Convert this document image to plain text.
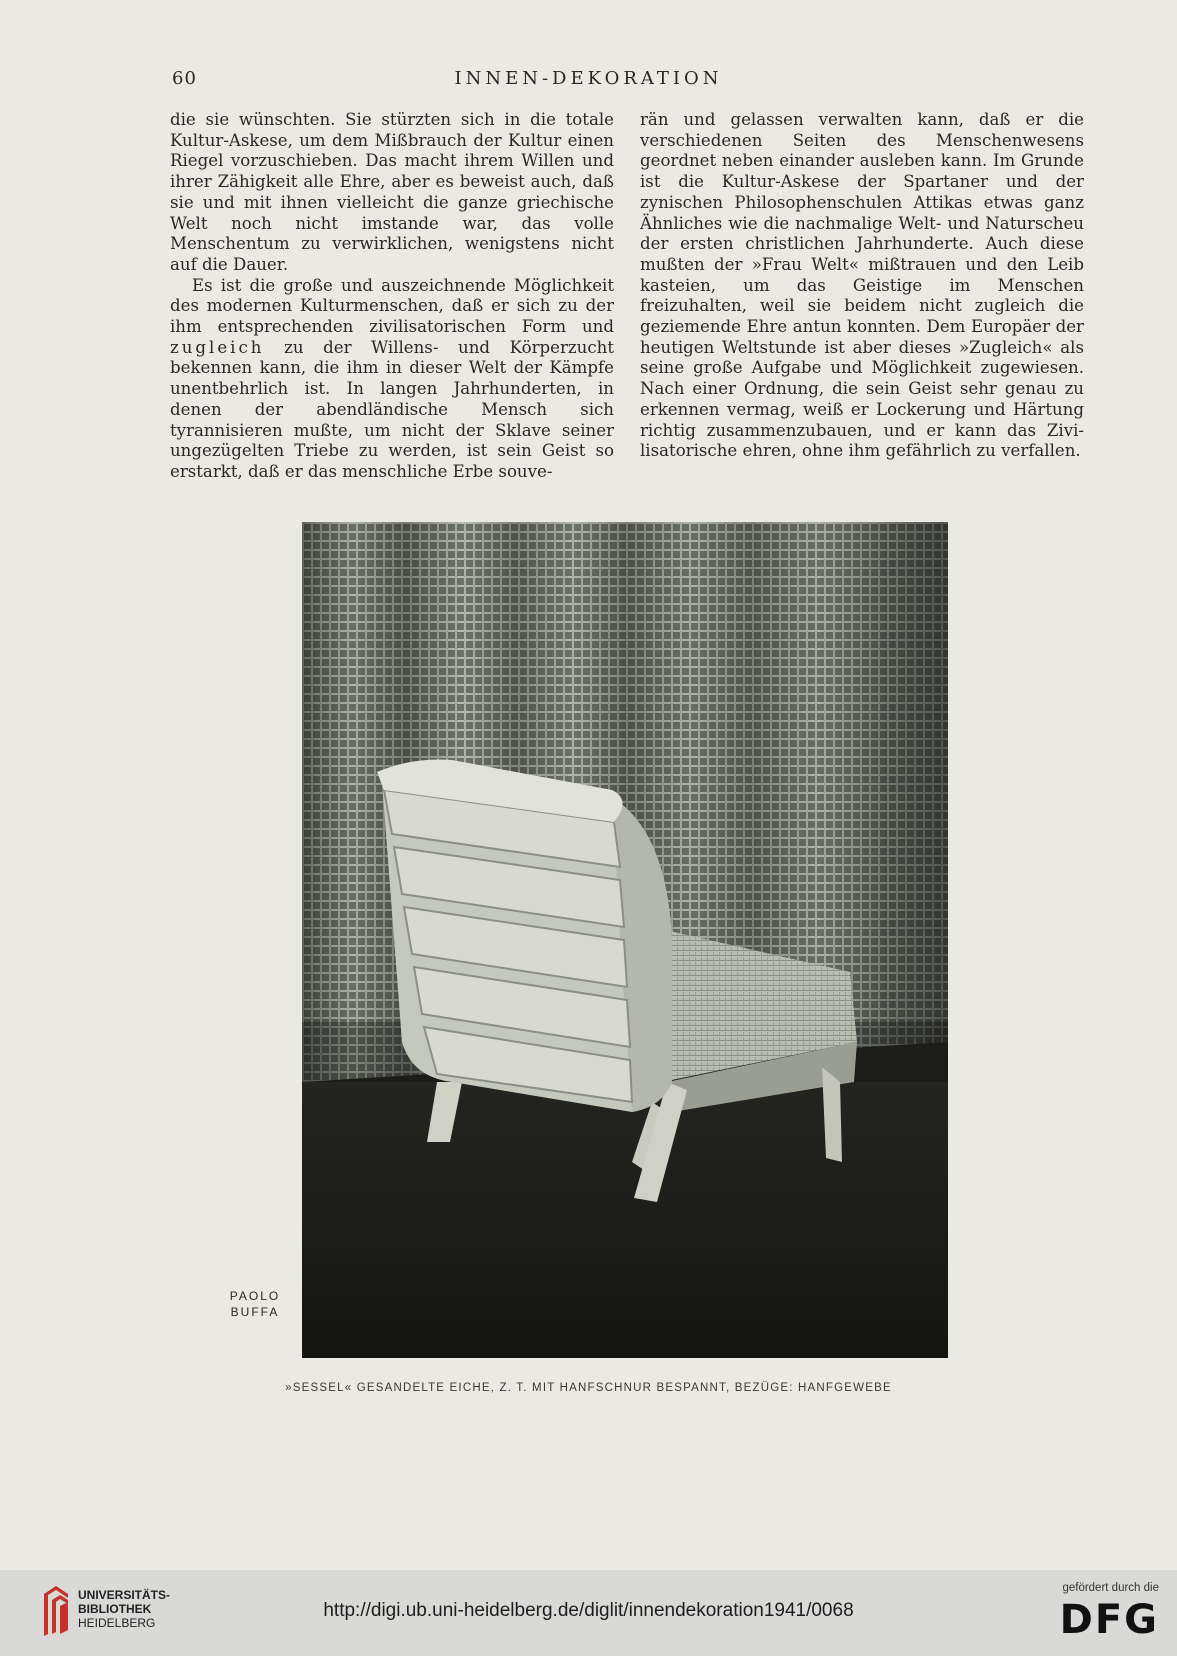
60	INNEN-DEKORATION

die sie wünschten. Sie stürzten sich in die totale Kultur-Askese, um dem Mißbrauch der Kultur einen Riegel vorzuschieben. Das macht ihrem Willen und ihrer Zähigkeit alle Ehre, aber es beweist auch, daß sie und mit ihnen vielleicht die ganze griechische Welt noch nicht imstande war, das volle Menschentum zu verwirklichen, wenigstens nicht auf die Dauer.

Es ist die große und auszeichnende Möglichkeit des modernen Kulturmenschen, daß er sich zu der ihm entsprechenden zivilisatorischen Form und zugleich zu der Willens- und Körperzucht bekennen kann, die ihm in dieser Welt der Kämpfe unentbehrlich ist. In langen Jahrhunderten, in denen der abendländische Mensch sich tyrannisieren mußte, um nicht der Sklave seiner ungezügelten Triebe zu werden, ist sein Geist so erstarkt, daß er das menschliche Erbe souve-

rän und gelassen verwalten kann, daß er die verschiedenen Seiten des Menschenwesens geordnet neben einander ausleben kann. Im Grunde ist die Kultur-Askese der Spartaner und der zynischen Philosophenschulen Attikas etwas ganz Ähnliches wie die nachmalige Welt- und Naturscheu der ersten christlichen Jahrhunderte. Auch diese mußten der »Frau Welt« mißtrauen und den Leib kasteien, um das Geistige im Menschen freizuhalten, weil sie beidem nicht zugleich die geziemende Ehre antun konnten. Dem Europäer der heutigen Weltstunde ist aber dieses »Zugleich« als seine große Aufgabe und Möglichkeit zugewiesen. Nach einer Ordnung, die sein Geist sehr genau zu erkennen vermag, weiß er Lockerung und Härtung richtig zusammenzubauen, und er kann das Zivilisatorische ehren, ohne ihm gefährlich zu verfallen.

PAOLO
BUFFA
»SESSEL« GESANDELTE EICHE, Z. T. MIT HANFSCHNUR BESPANNT, BEZÜGE: HANFGEWEBE
UNIVERSITÄTS-
BIBLIOTHEK
HEIDELBERG
http://digi.ub.uni-heidelberg.de/diglit/innendekoration1941/0068
gefördert durch die
DFG
